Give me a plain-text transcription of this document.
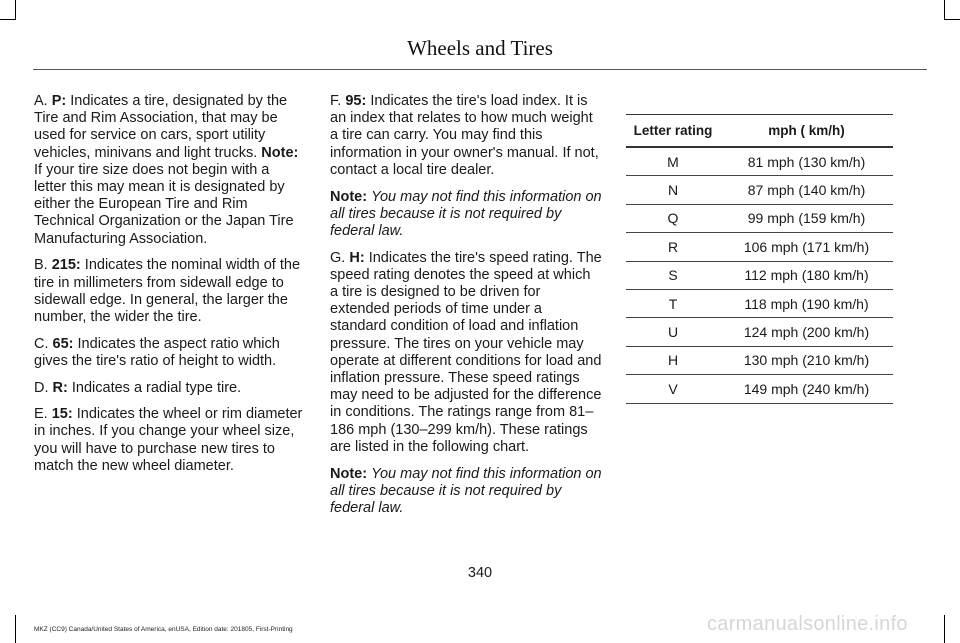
Wheels and Tires

A. P: Indicates a tire, designated by the Tire and Rim Association, that may be used for service on cars, sport utility vehicles, minivans and light trucks. Note: If your tire size does not begin with a letter this may mean it is designated by either the European Tire and Rim Technical Organization or the Japan Tire Manufacturing Association.

B. 215: Indicates the nominal width of the tire in millimeters from sidewall edge to sidewall edge. In general, the larger the number, the wider the tire.

C. 65: Indicates the aspect ratio which gives the tire's ratio of height to width.

D. R: Indicates a radial type tire.

E. 15: Indicates the wheel or rim diameter in inches. If you change your wheel size, you will have to purchase new tires to match the new wheel diameter.

F. 95: Indicates the tire's load index. It is an index that relates to how much weight a tire can carry. You may find this information in your owner's manual. If not, contact a local tire dealer.

Note: You may not find this information on all tires because it is not required by federal law.

G. H: Indicates the tire's speed rating. The speed rating denotes the speed at which a tire is designed to be driven for extended periods of time under a standard condition of load and inflation pressure. The tires on your vehicle may operate at different conditions for load and inflation pressure. These speed ratings may need to be adjusted for the difference in conditions. The ratings range from 81–186 mph (130–299 km/h). These ratings are listed in the following chart.

Note: You may not find this information on all tires because it is not required by federal law.

Letter rating	mph ( km/h)
M	81 mph (130 km/h)
N	87 mph (140 km/h)
Q	99 mph (159 km/h)
R	106 mph (171 km/h)
S	112 mph (180 km/h)
T	118 mph (190 km/h)
U	124 mph (200 km/h)
H	130 mph (210 km/h)
V	149 mph (240 km/h)
340
MKZ (CC9) Canada/United States of America, enUSA, Edition date: 201805, First-Printing	carmanualsonline.info
